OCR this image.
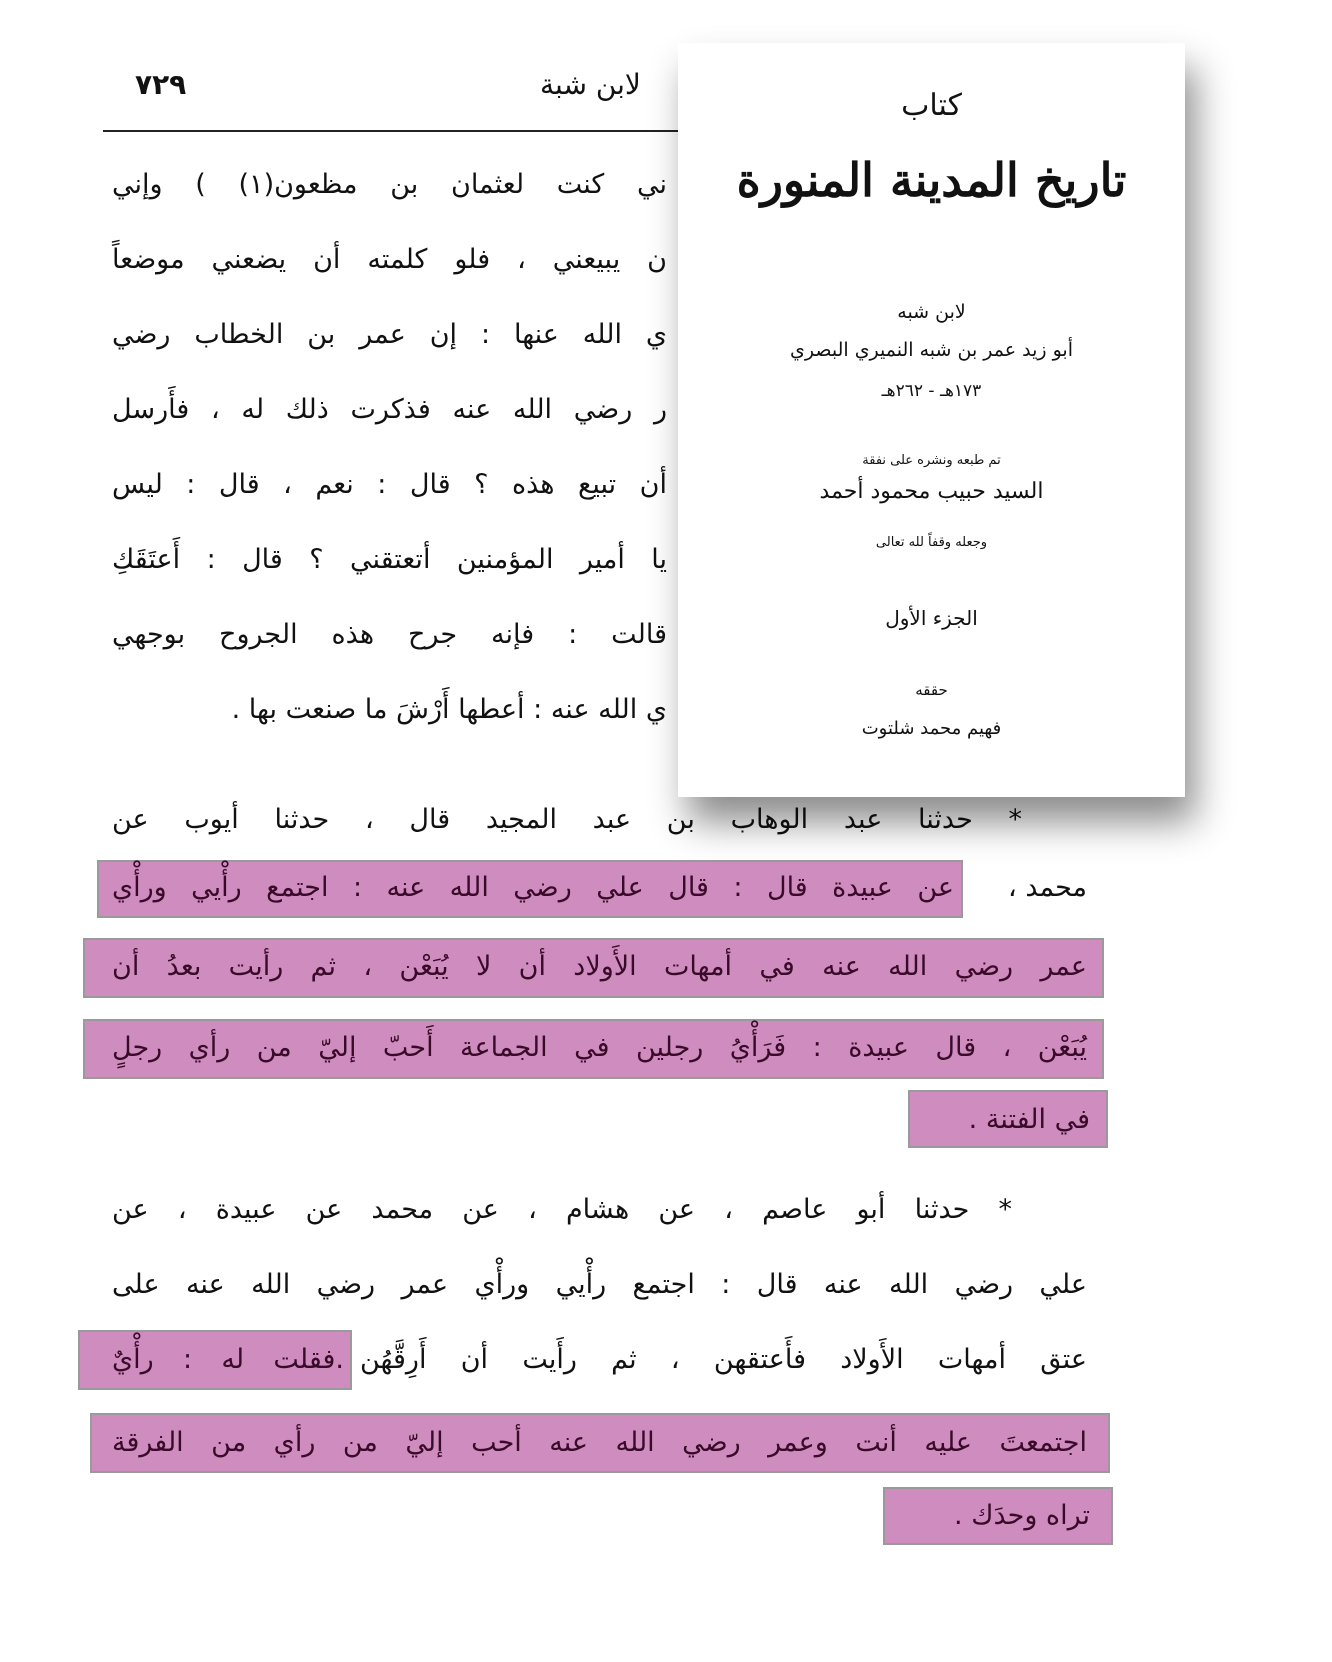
٧٢٩	لابن شبة
ني كنت لعثمان بن مظعون(١) ) وإني
ن يبيعني ، فلو كلمته أن يضعني موضعاً
ي الله عنها : إن عمر بن الخطاب رضي
ر رضي الله عنه فذكرت ذلك له ، فأَرسل
أن تبيع هذه ؟ قال : نعم ، قال : ليس
يا أمير المؤمنين أتعتقني ؟ قال : أَعتَقَكِ
قالت : فإنه جرح هذه الجروح بوجهي
ي الله عنه : أعطها أَرْشَ ما صنعت بها .
* حدثنا عبد الوهاب بن عبد المجيد قال ، حدثنا أيوب عن
محمد ،
عن عبيدة قال : قال علي رضي الله عنه : اجتمع رأْيي ورأْي
عمر رضي الله عنه في أمهات الأَولاد أن لا يُبَعْن ، ثم رأيت بعدُ أن
يُبَعْن ، قال عبيدة : فَرَأْيُ رجلين في الجماعة أَحبّ إليّ من رأي رجلٍ
في الفتنة .
* حدثنا أبو عاصم ، عن هشام ، عن محمد عن عبيدة ، عن
علي رضي الله عنه قال : اجتمع رأْيي ورأْي عمر رضي الله عنه على
عتق أمهات الأَولاد فأَعتقهن ، ثم رأَيت أن أَرِقَّهُن
.فقلت له : رأْيٌ
اجتمعتَ عليه أنت وعمر رضي الله عنه أحب إليّ من رأي من الفرقة
تراه وحدَك .
كتاب
تاريخ المدينة المنورة
لابن شبه
أبو زيد عمر بن شبه النميري البصري
١٧٣هـ - ٢٦٢هـ
تم طبعه ونشره على نفقة
السيد حبيب محمود أحمد
وجعله وقفاً لله تعالى
الجزء الأول
حققه
فهيم محمد شلتوت
